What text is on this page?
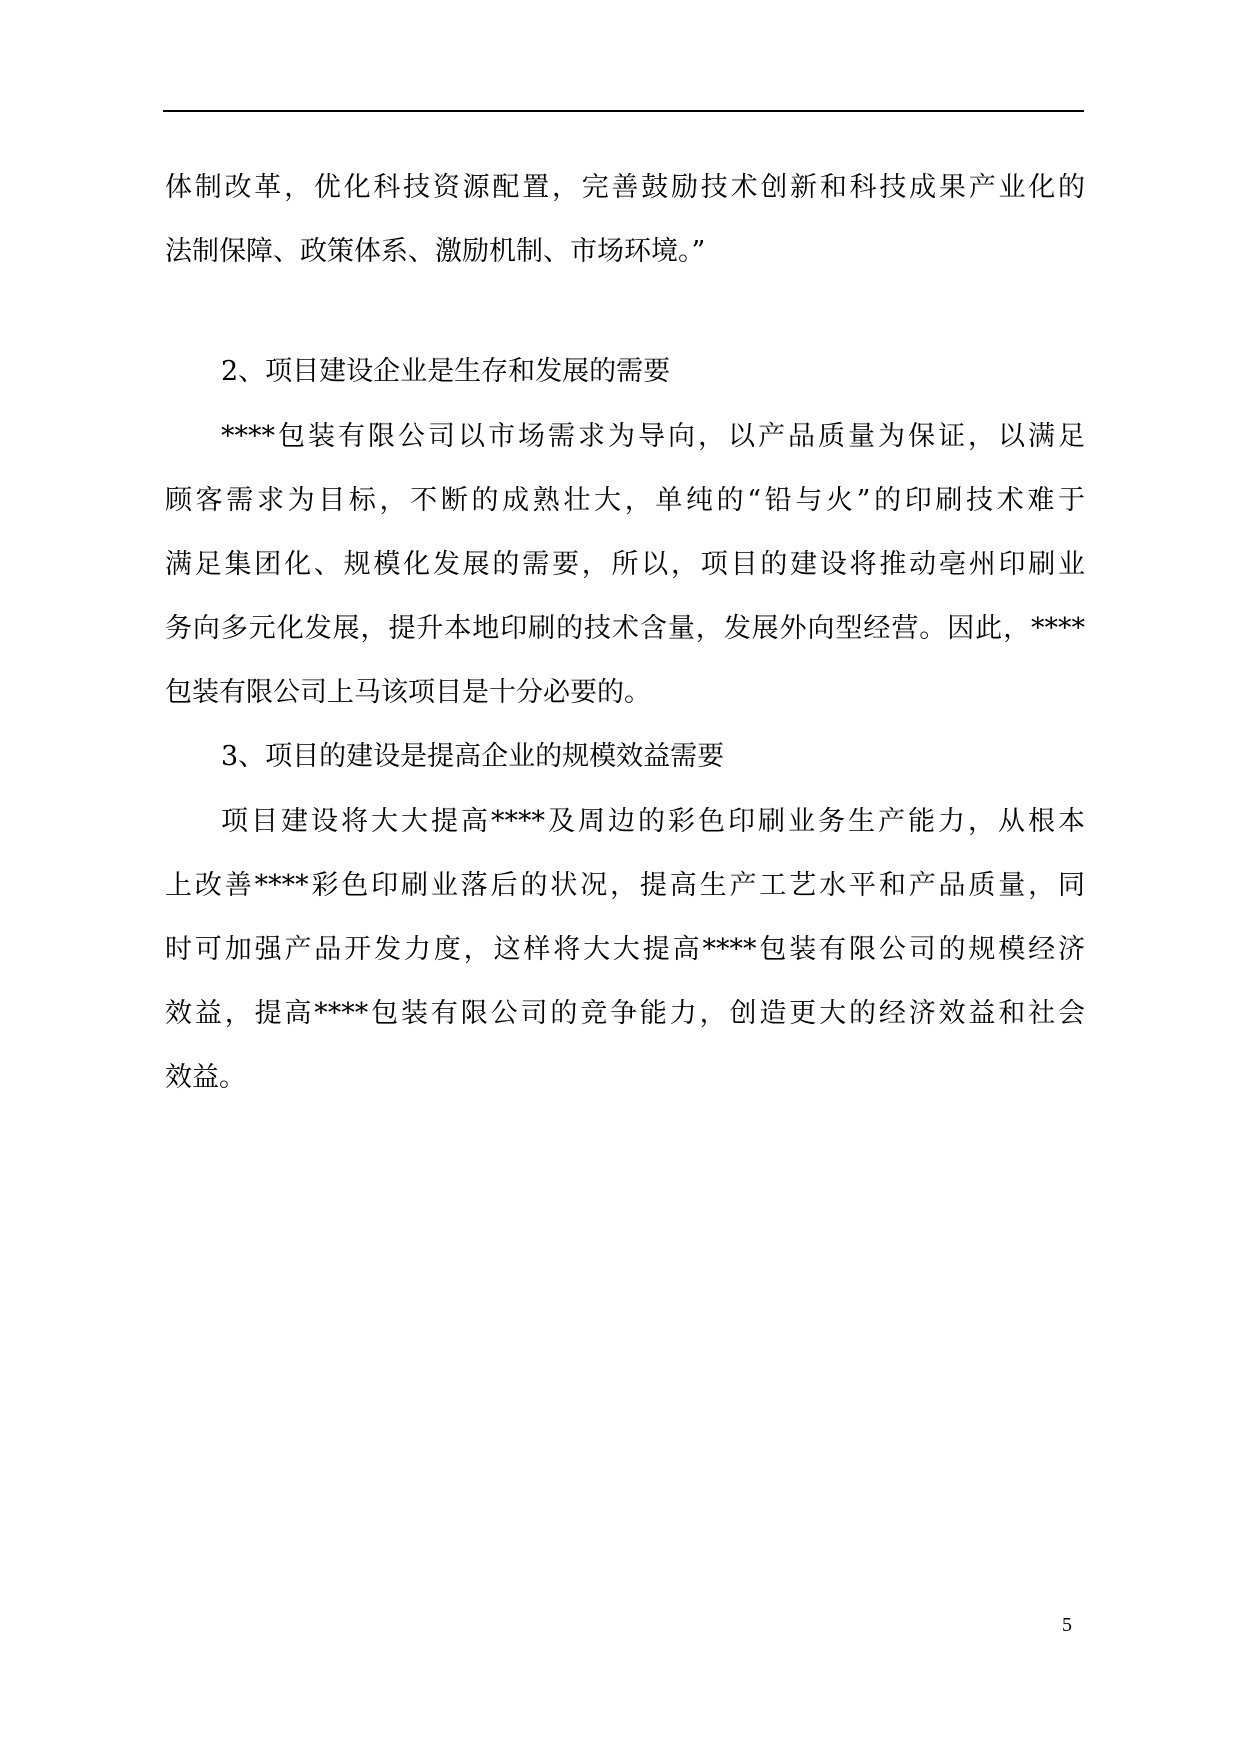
体制改革，优化科技资源配置，完善鼓励技术创新和科技成果产业化的
法制保障、政策体系、激励机制、市场环境。”
2、项目建设企业是生存和发展的需要
****包装有限公司以市场需求为导向，以产品质量为保证，以满足
顾客需求为目标，不断的成熟壮大，单纯的“铅与火”的印刷技术难于
满足集团化、规模化发展的需要，所以，项目的建设将推动亳州印刷业
务向多元化发展，提升本地印刷的技术含量，发展外向型经营。因此，****
包装有限公司上马该项目是十分必要的。
3、项目的建设是提高企业的规模效益需要
项目建设将大大提高****及周边的彩色印刷业务生产能力，从根本
上改善****彩色印刷业落后的状况，提高生产工艺水平和产品质量，同
时可加强产品开发力度，这样将大大提高****包装有限公司的规模经济
效益，提高****包装有限公司的竞争能力，创造更大的经济效益和社会
效益。
5
